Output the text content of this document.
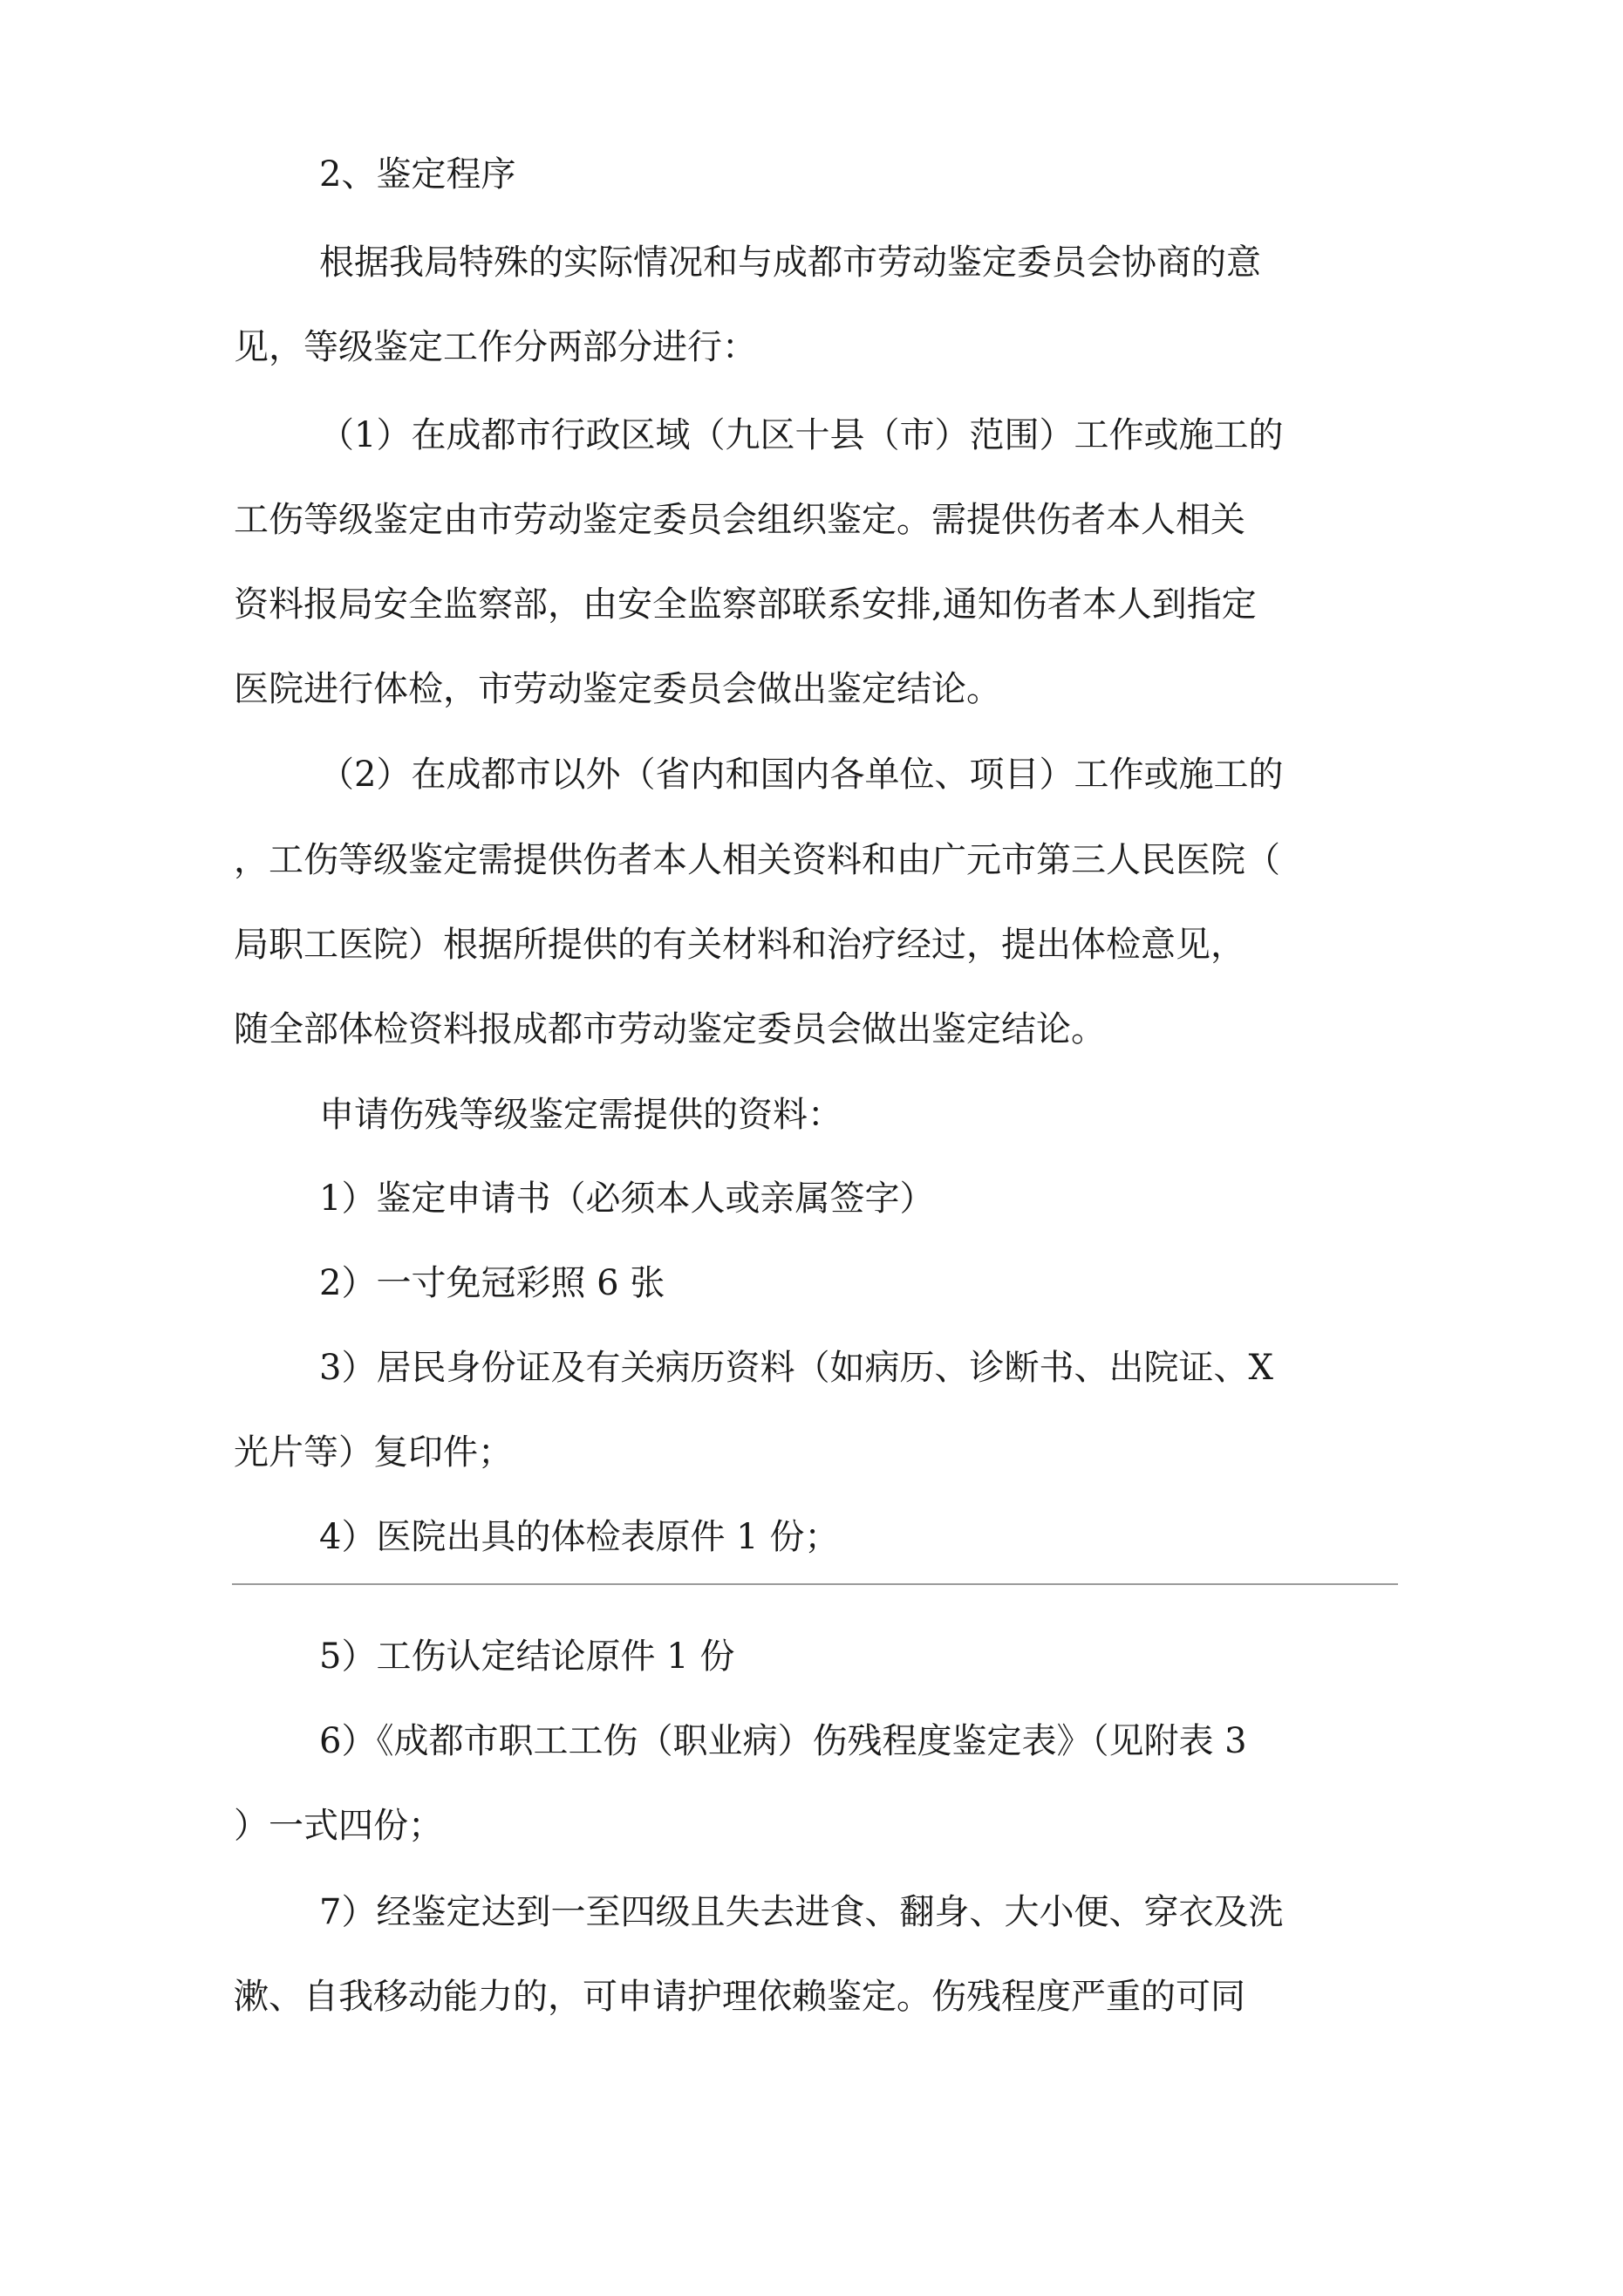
2、鉴定程序

根据我局特殊的实际情况和与成都市劳动鉴定委员会协商的意

见，等级鉴定工作分两部分进行：

（1）在成都市行政区域（九区十县（市）范围）工作或施工的

工伤等级鉴定由市劳动鉴定委员会组织鉴定。需提供伤者本人相关

资料报局安全监察部，由安全监察部联系安排,通知伤者本人到指定

医院进行体检，市劳动鉴定委员会做出鉴定结论。

（2）在成都市以外（省内和国内各单位、项目）工作或施工的

，工伤等级鉴定需提供伤者本人相关资料和由广元市第三人民医院（

局职工医院）根据所提供的有关材料和治疗经过，提出体检意见，

随全部体检资料报成都市劳动鉴定委员会做出鉴定结论。

申请伤残等级鉴定需提供的资料：

1）鉴定申请书（必须本人或亲属签字）

2）一寸免冠彩照 6 张

3）居民身份证及有关病历资料（如病历、诊断书、出院证、X

光片等）复印件；

4）医院出具的体检表原件 1 份；

5）工伤认定结论原件 1 份

6）《成都市职工工伤（职业病）伤残程度鉴定表》（见附表 3

）一式四份；

7）经鉴定达到一至四级且失去进食、翻身、大小便、穿衣及洗

漱、自我移动能力的，可申请护理依赖鉴定。伤残程度严重的可同
